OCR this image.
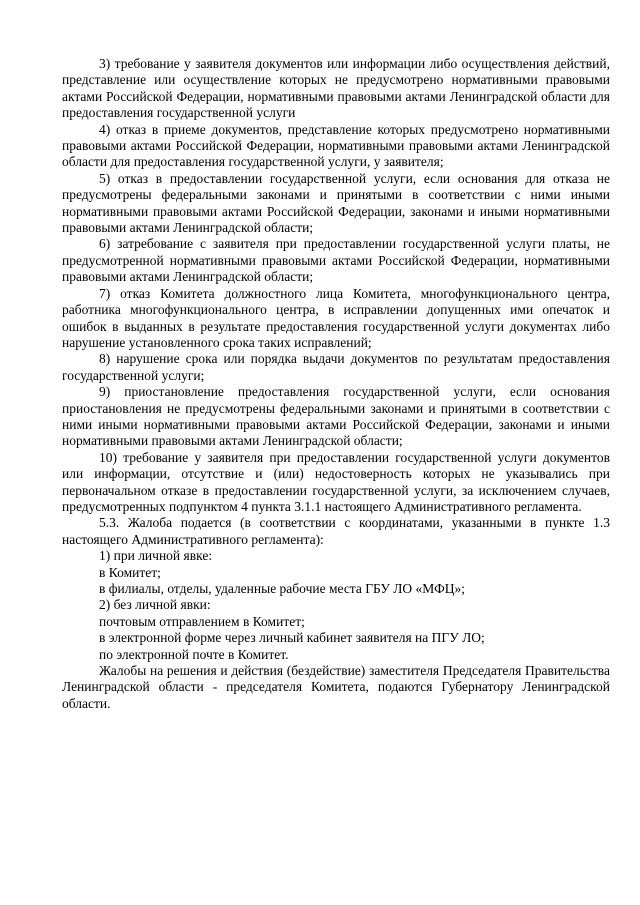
3) требование у заявителя документов или информации либо осуществления действий, представление или осуществление которых не предусмотрено нормативными правовыми актами Российской Федерации, нормативными правовыми актами Ленинградской области для предоставления государственной услуги

4) отказ в приеме документов, представление которых предусмотрено нормативными правовыми актами Российской Федерации, нормативными правовыми актами Ленинградской области для предоставления государственной услуги, у заявителя;

5) отказ в предоставлении государственной услуги, если основания для отказа не предусмотрены федеральными законами и принятыми в соответствии с ними иными нормативными правовыми актами Российской Федерации, законами и иными нормативными правовыми актами Ленинградской области;

6) затребование с заявителя при предоставлении государственной услуги платы, не предусмотренной нормативными правовыми актами Российской Федерации, нормативными правовыми актами Ленинградской области;

7) отказ Комитета должностного лица Комитета, многофункционального центра, работника многофункционального центра, в исправлении допущенных ими опечаток и ошибок в выданных в результате предоставления государственной услуги документах либо нарушение установленного срока таких исправлений;

8) нарушение срока или порядка выдачи документов по результатам предоставления государственной услуги;

9) приостановление предоставления государственной услуги, если основания приостановления не предусмотрены федеральными законами и принятыми в соответствии с ними иными нормативными правовыми актами Российской Федерации, законами и иными нормативными правовыми актами Ленинградской области;

10) требование у заявителя при предоставлении государственной услуги документов или информации, отсутствие и (или) недостоверность которых не указывались при первоначальном отказе в предоставлении государственной услуги, за исключением случаев, предусмотренных подпунктом 4 пункта 3.1.1 настоящего Административного регламента.

5.3. Жалоба подается (в соответствии с координатами, указанными в пункте 1.3 настоящего Административного регламента):

1) при личной явке:

в Комитет;

в филиалы, отделы, удаленные рабочие места ГБУ ЛО «МФЦ»;

2) без личной явки:

почтовым отправлением в Комитет;

в электронной форме через личный кабинет заявителя на ПГУ ЛО;

по электронной почте в Комитет.

Жалобы на решения и действия (бездействие) заместителя Председателя Правительства Ленинградской области - председателя Комитета, подаются Губернатору Ленинградской области.
